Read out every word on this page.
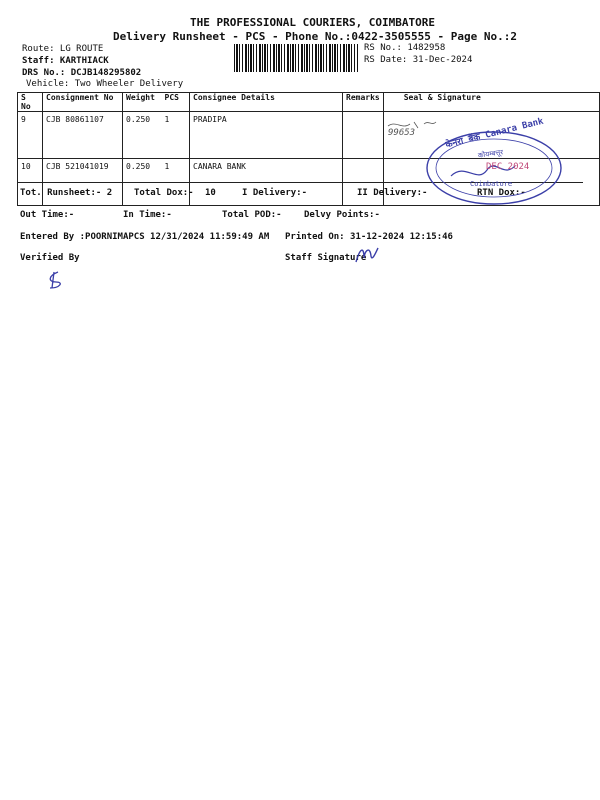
THE PROFESSIONAL COURIERS, COIMBATORE
Delivery Runsheet - PCS - Phone No.:0422-3505555 - Page No.:2
Route: LG ROUTE
Staff: KARTHIACK
DRS No.: DCJB148295802
Vehicle: Two Wheeler Delivery
RS No.: 1482958
RS Date: 31-Dec-2024
S No	Consignment No	Weight PCS	Consignee Details	Remarks	Seal & Signature
9	CJB 80861107	0.250 1	PRADIPA		
10	CJB 521041019	0.250 1	CANARA BANK		
Tot. Runsheet:- 2 Total Dox:- 10	I Delivery:-	II Delivery:-	RTN Dox:-
Out Time:-	In Time:-	Total POD:- Delvy Points:-
Entered By :POORNIMAPCS 12/31/2024 11:59:49 AM Printed On: 31-12-2024 12:15:46
Verified By	Staff Signature
99653	केनरा बैंक Canara Bank
कोयम्बत्तूर
DEC 2024
Coimbatore
